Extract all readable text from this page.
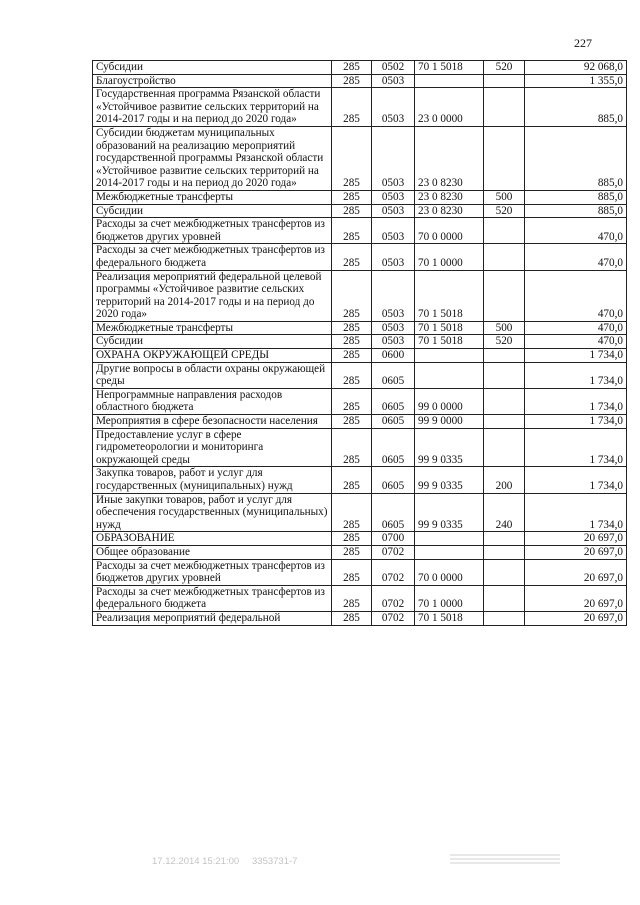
227
Субсидии	285	0502	70 1 5018	520	92 068,0
Благоустройство	285	0503			1 355,0
Государственная программа Рязанской области «Устойчивое развитие сельских территорий на 2014-2017 годы и на период до 2020 года»	285	0503	23 0 0000		885,0
Субсидии бюджетам муниципальных образований на реализацию мероприятий государственной программы Рязанской области «Устойчивое развитие сельских территорий на 2014-2017 годы и на период до 2020 года»	285	0503	23 0 8230		885,0
Межбюджетные трансферты	285	0503	23 0 8230	500	885,0
Субсидии	285	0503	23 0 8230	520	885,0
Расходы за счет межбюджетных трансфертов из бюджетов других уровней	285	0503	70 0 0000		470,0
Расходы за счет межбюджетных трансфертов из федерального бюджета	285	0503	70 1 0000		470,0
Реализация мероприятий федеральной целевой программы «Устойчивое развитие сельских территорий на 2014-2017 годы и на период до 2020 года»	285	0503	70 1 5018		470,0
Межбюджетные трансферты	285	0503	70 1 5018	500	470,0
Субсидии	285	0503	70 1 5018	520	470,0
ОХРАНА ОКРУЖАЮЩЕЙ СРЕДЫ	285	0600			1 734,0
Другие вопросы в области охраны окружающей среды	285	0605			1 734,0
Непрограммные направления расходов областного бюджета	285	0605	99 0 0000		1 734,0
Мероприятия в сфере безопасности населения	285	0605	99 9 0000		1 734,0
Предоставление услуг в сфере гидрометеорологии и мониторинга окружающей среды	285	0605	99 9 0335		1 734,0
Закупка товаров, работ и услуг для государственных (муниципальных) нужд	285	0605	99 9 0335	200	1 734,0
Иные закупки товаров, работ и услуг для обеспечения государственных (муниципальных) нужд	285	0605	99 9 0335	240	1 734,0
ОБРАЗОВАНИЕ	285	0700			20 697,0
Общее образование	285	0702			20 697,0
Расходы за счет межбюджетных трансфертов из бюджетов других уровней	285	0702	70 0 0000		20 697,0
Расходы за счет межбюджетных трансфертов из федерального бюджета	285	0702	70 1 0000		20 697,0
Реализация мероприятий федеральной	285	0702	70 1 5018		20 697,0
17.12.2014 15:21:00 3353731-7
